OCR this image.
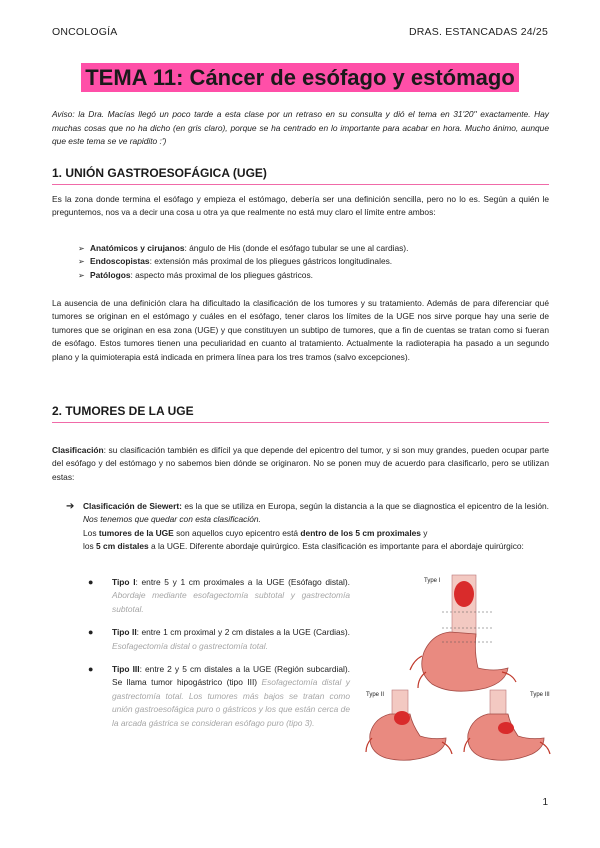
ONCOLOGÍA	DRAS. ESTANCADAS 24/25
TEMA 11: Cáncer de esófago y estómago

Aviso: la Dra. Macías llegó un poco tarde a esta clase por un retraso en su consulta y dió el tema en 31'20'' exactamente. Hay muchas cosas que no ha dicho (en gris claro), porque se ha centrado en lo importante para acabar en hora. Mucho ánimo, aunque que este tema se ve rapidito :')

1. UNIÓN GASTROESOFÁGICA (UGE)

Es la zona donde termina el esófago y empieza el estómago, debería ser una definición sencilla, pero no lo es. Según a quién le preguntemos, nos va a decir una cosa u otra ya que realmente no está muy claro el límite entre ambos:

➢ Anatómicos y cirujanos: ángulo de His (donde el esófago tubular se une al cardias).
➢ Endoscopistas: extensión más proximal de los pliegues gástricos longitudinales.
➢ Patólogos: aspecto más proximal de los pliegues gástricos.

La ausencia de una definición clara ha dificultado la clasificación de los tumores y su tratamiento. Además de para diferenciar qué tumores se originan en el estómago y cuáles en el esófago, tener claros los límites de la UGE nos sirve porque hay una serie de tumores que se originan en esa zona (UGE) y que constituyen un subtipo de tumores, que a fin de cuentas se tratan como si fueran de esófago. Estos tumores tienen una peculiaridad en cuanto al tratamiento. Actualmente la radioterapia ha pasado a un segundo plano y la quimioterapia está indicada en primera línea para los tres tramos (salvo excepciones).

2. TUMORES DE LA UGE

Clasificación: su clasificación también es difícil ya que depende del epicentro del tumor, y si son muy grandes, pueden ocupar parte del esófago y del estómago y no sabemos bien dónde se originaron. No se ponen muy de acuerdo para clasificarlo, pero se utilizan estas:

➔	Clasificación de Siewert: es la que se utiliza en Europa, según la distancia a la que se diagnostica el epicentro de la lesión. Nos tenemos que quedar con esta clasificación.
Los tumores de la UGE son aquellos cuyo epicentro está dentro de los 5 cm proximales y
los 5 cm distales a la UGE. Diferente abordaje quirúrgico. Esta clasificación es importante para el abordaje quirúrgico:
●	Tipo I: entre 5 y 1 cm proximales a la UGE (Esófago distal). Abordaje mediante esofagectomía subtotal y gastrectomía subtotal.
●	Tipo II: entre 1 cm proximal y 2 cm distales a la UGE (Cardias). Esofagectomía distal o gastrectomía total.
●	Tipo III: entre 2 y 5 cm distales a la UGE (Región subcardial). Se llama tumor hipogástrico (tipo III) Esofagectomía distal y gastrectomía total. Los tumores más bajos se tratan como unión gastroesofágica puro o gástricos y los que están cerca de la arcada gástrica se consideran esófago puro (tipo 3).
Type I
Type II	Type III
1
